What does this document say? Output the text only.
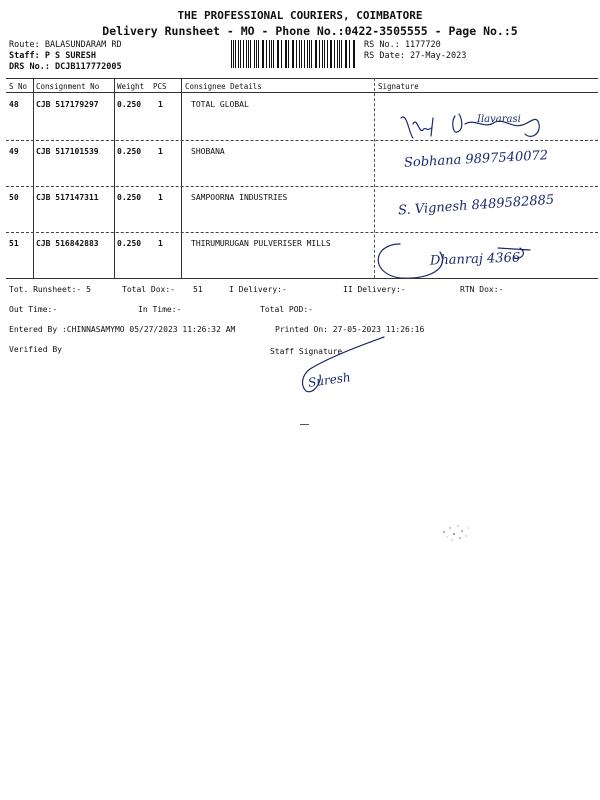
THE PROFESSIONAL COURIERS, COIMBATORE
Delivery Runsheet - MO - Phone No.:0422-3505555 - Page No.:5
Route: BALASUNDARAM RD
Staff: P S SURESH
DRS No.: DCJB117772005
RS No.: 1177720
RS Date: 27-May-2023
S No Consignment No Weight PCS Consignee Details	Signature
48 CJB 517179297 0.250 1	TOTAL GLOBAL
Ilavarasi
49 CJB 517101539 0.250 1	SHOBANA	Sobhana 9897540072
50 CJB 517147311 0.250 1	SAMPOORNA INDUSTRIES	S. Vignesh 8489582885
51 CJB 516842883 0.250 1	THIRUMURUGAN PULVERISER MILLS
Dhanraj 4366
Tot. Runsheet:- 5	Total Dox:- 51	I Delivery:-	II Delivery:-	RTN Dox:-
Out Time:-	In Time:-	Total POD:-
Entered By :CHINNASAMYMO 05/27/2023 11:26:32 AM	Printed On: 27-05-2023 11:26:16
Verified By	Staff Signature
Suresh
